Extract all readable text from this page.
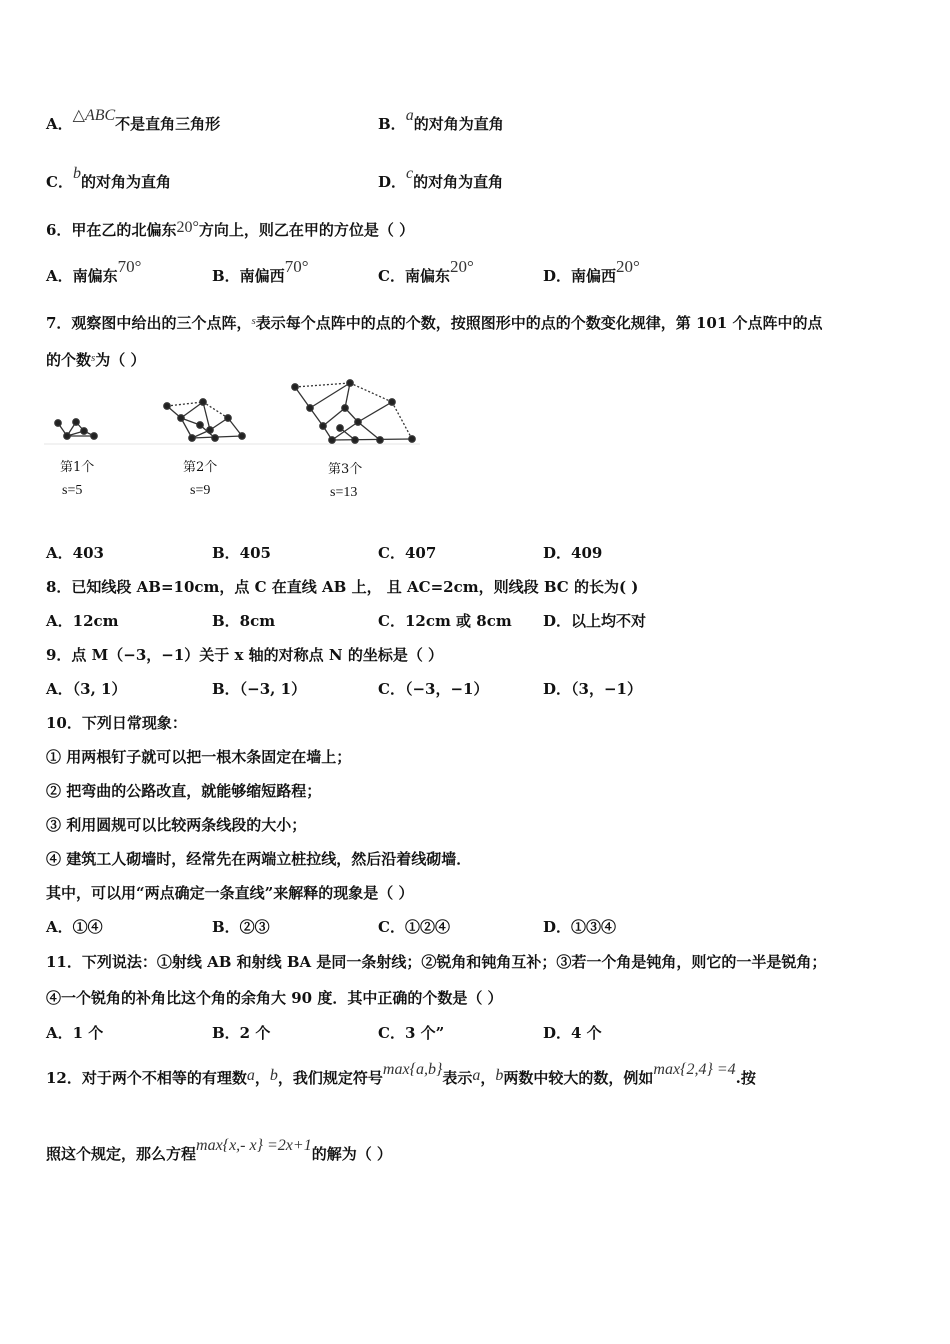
A．△ABC不是直角三角形	B．a的对角为直角
C．b的对角为直角	D．c的对角为直角
6．甲在乙的北偏东20°方向上，则乙在甲的方位是（ ）
A．南偏东70°	B．南偏西70°	C．南偏东20°	D．南偏西20°
7．观察图中给出的三个点阵，$^s$表示每个点阵中的点的个数，按照图形中的点的个数变化规律，第 101 个点阵中的点
的个数$^s$为（ ）
第1个
s=5
第2个
s=9
第3个
s=13
A．403	B．405	C．407	D．409
8．已知线段 AB=10cm，点 C 在直线 AB 上， 且 AC=2cm，则线段 BC 的长为( )
A．12cm	B．8cm	C．12cm 或 8cm D．以上均不对
9．点 M（−3，−1）关于 x 轴的对称点 N 的坐标是（ ）
A．（3, 1）	B．（−3, 1）	C．（−3，−1）	D．（3，−1）
10．下列日常现象：
① 用两根钉子就可以把一根木条固定在墙上；
② 把弯曲的公路改直，就能够缩短路程；
③ 利用圆规可以比较两条线段的大小；
④ 建筑工人砌墙时，经常先在两端立桩拉线，然后沿着线砌墙．
其中，可以用“两点确定一条直线”来解释的现象是（ ）
A．①④	B．②③	C．①②④	D．①③④
11．下列说法：①射线 AB 和射线 BA 是同一条射线；②锐角和钝角互补；③若一个角是钝角，则它的一半是锐角；
④一个锐角的补角比这个角的余角大 90 度．其中正确的个数是（ ）
A．1 个	B．2 个	C．3 个”	D．4 个
12．对于两个不相等的有理数a，b，我们规定符号max{a,b}表示a，b两数中较大的数，例如max{2,4} =4.按
照这个规定，那么方程max{x,- x} =2x+1的解为（ ）
